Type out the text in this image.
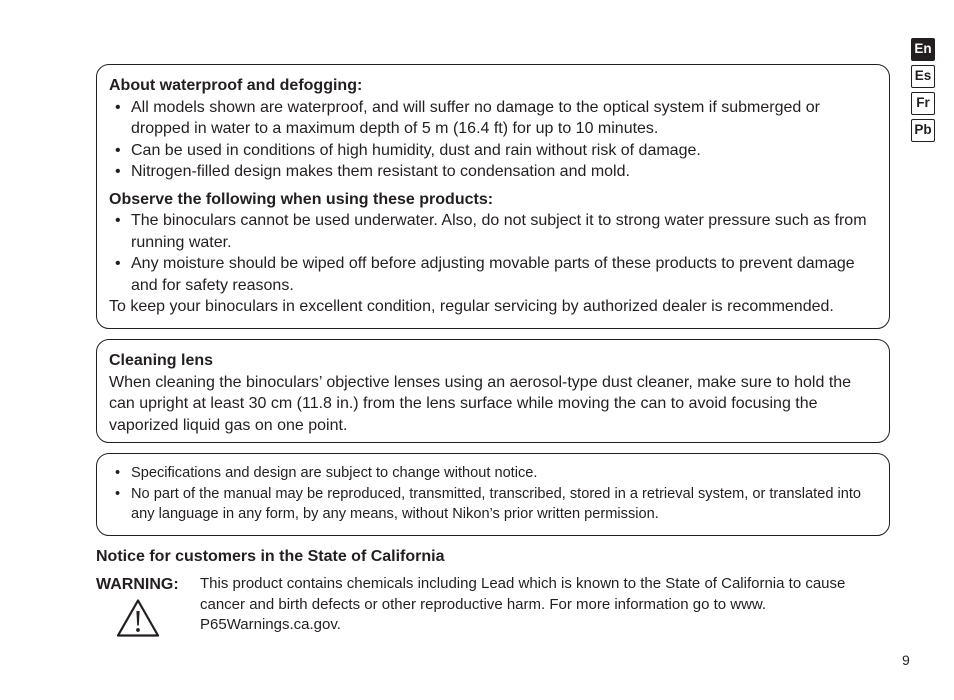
En
Es
Fr
Pb

About waterproof and defogging:

• All models shown are waterproof, and will suffer no damage to the optical system if submerged or dropped in water to a maximum depth of 5 m (16.4 ft) for up to 10 minutes.
• Can be used in conditions of high humidity, dust and rain without risk of damage.
• Nitrogen-filled design makes them resistant to condensation and mold.

Observe the following when using these products:

• The binoculars cannot be used underwater. Also, do not subject it to strong water pressure such as from running water.
• Any moisture should be wiped off before adjusting movable parts of these products to prevent damage and for safety reasons.

To keep your binoculars in excellent condition, regular servicing by authorized dealer is recommended.

Cleaning lens

When cleaning the binoculars’ objective lenses using an aerosol-type dust cleaner, make sure to hold the can upright at least 30 cm (11.8 in.) from the lens surface while moving the can to avoid focusing the vaporized liquid gas on one point.

• Specifications and design are subject to change without notice.
• No part of the manual may be reproduced, transmitted, transcribed, stored in a retrieval system, or translated into any language in any form, by any means, without Nikon’s prior written permission.
Notice for customers in the State of California
WARNING: This product contains chemicals including Lead which is known to the State of California to cause cancer and birth defects or other reproductive harm. For more information go to www. P65Warnings.ca.gov.
9
